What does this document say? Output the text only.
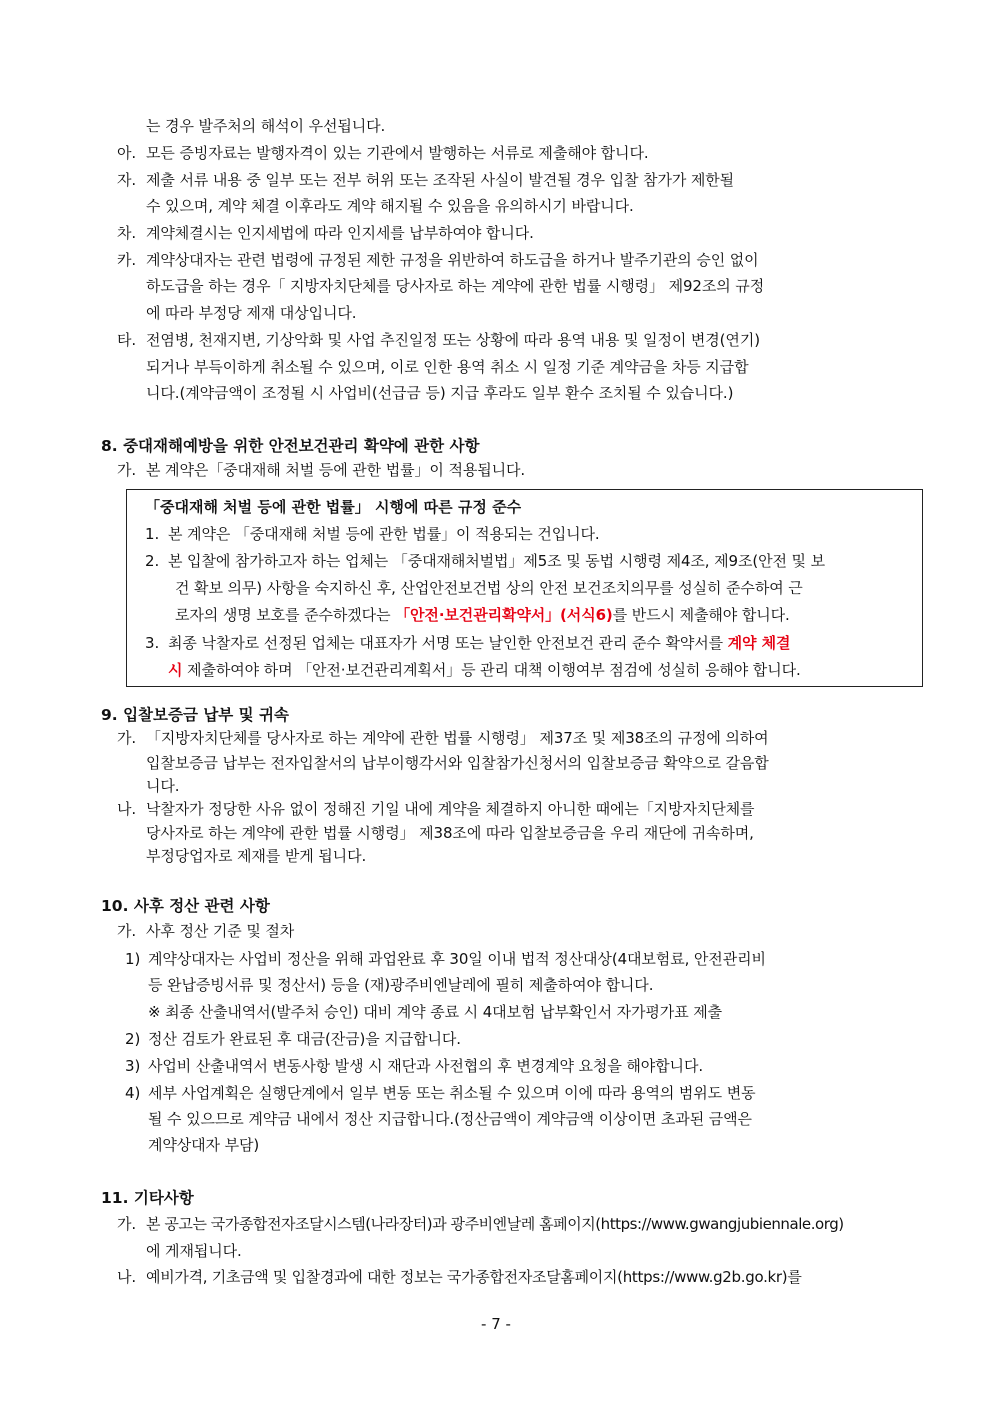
는 경우 발주처의 해석이 우선됩니다.
아. 모든 증빙자료는 발행자격이 있는 기관에서 발행하는 서류로 제출해야 합니다.
자. 제출 서류 내용 중 일부 또는 전부 허위 또는 조작된 사실이 발견될 경우 입찰 참가가 제한될
수 있으며, 계약 체결 이후라도 계약 해지될 수 있음을 유의하시기 바랍니다.
차. 계약체결시는 인지세법에 따라 인지세를 납부하여야 합니다.
카. 계약상대자는 관련 법령에 규정된 제한 규정을 위반하여 하도급을 하거나 발주기관의 승인 없이
하도급을 하는 경우「 지방자치단체를 당사자로 하는 계약에 관한 법률 시행령」 제92조의 규정
에 따라 부정당 제재 대상입니다.
타. 전염병, 천재지변, 기상악화 및 사업 추진일정 또는 상황에 따라 용역 내용 및 일정이 변경(연기)
되거나 부득이하게 취소될 수 있으며, 이로 인한 용역 취소 시 일정 기준 계약금을 차등 지급합
니다.(계약금액이 조정될 시 사업비(선급금 등) 지급 후라도 일부 환수 조치될 수 있습니다.)
8. 중대재해예방을 위한 안전보건관리 확약에 관한 사항
가. 본 계약은「중대재해 처벌 등에 관한 법률」이 적용됩니다.
「중대재해 처벌 등에 관한 법률」 시행에 따른 규정 준수
1. 본 계약은 「중대재해 처벌 등에 관한 법률」이 적용되는 건입니다.
2. 본 입찰에 참가하고자 하는 업체는 「중대재해처벌법」제5조 및 동법 시행령 제4조, 제9조(안전 및 보
건 확보 의무) 사항을 숙지하신 후, 산업안전보건법 상의 안전 보건조치의무를 성실히 준수하여 근
로자의 생명 보호를 준수하겠다는 「안전·보건관리확약서」(서식6)를 반드시 제출해야 합니다.
3. 최종 낙찰자로 선정된 업체는 대표자가 서명 또는 날인한 안전보건 관리 준수 확약서를 계약 체결
시 제출하여야 하며 「안전·보건관리계획서」등 관리 대책 이행여부 점검에 성실히 응해야 합니다.
9. 입찰보증금 납부 및 귀속
가. 「지방자치단체를 당사자로 하는 계약에 관한 법률 시행령」 제37조 및 제38조의 규정에 의하여
입찰보증금 납부는 전자입찰서의 납부이행각서와 입찰참가신청서의 입찰보증금 확약으로 갈음합
니다.
나. 낙찰자가 정당한 사유 없이 정해진 기일 내에 계약을 체결하지 아니한 때에는「지방자치단체를
당사자로 하는 계약에 관한 법률 시행령」 제38조에 따라 입찰보증금을 우리 재단에 귀속하며,
부정당업자로 제재를 받게 됩니다.
10. 사후 정산 관련 사항
가. 사후 정산 기준 및 절차
1) 계약상대자는 사업비 정산을 위해 과업완료 후 30일 이내 법적 정산대상(4대보험료, 안전관리비
등 완납증빙서류 및 정산서) 등을 (재)광주비엔날레에 필히 제출하여야 합니다.
※ 최종 산출내역서(발주처 승인) 대비 계약 종료 시 4대보험 납부확인서 자가평가표 제출
2) 정산 검토가 완료된 후 대금(잔금)을 지급합니다.
3) 사업비 산출내역서 변동사항 발생 시 재단과 사전협의 후 변경계약 요청을 해야합니다.
4) 세부 사업계획은 실행단계에서 일부 변동 또는 취소될 수 있으며 이에 따라 용역의 범위도 변동
될 수 있으므로 계약금 내에서 정산 지급합니다.(정산금액이 계약금액 이상이면 초과된 금액은
계약상대자 부담)
11. 기타사항
가. 본 공고는 국가종합전자조달시스템(나라장터)과 광주비엔날레 홈페이지(https://www.gwangjubiennale.org)
에 게재됩니다.
나. 예비가격, 기초금액 및 입찰경과에 대한 정보는 국가종합전자조달홈페이지(https://www.g2b.go.kr)를
- 7 -
